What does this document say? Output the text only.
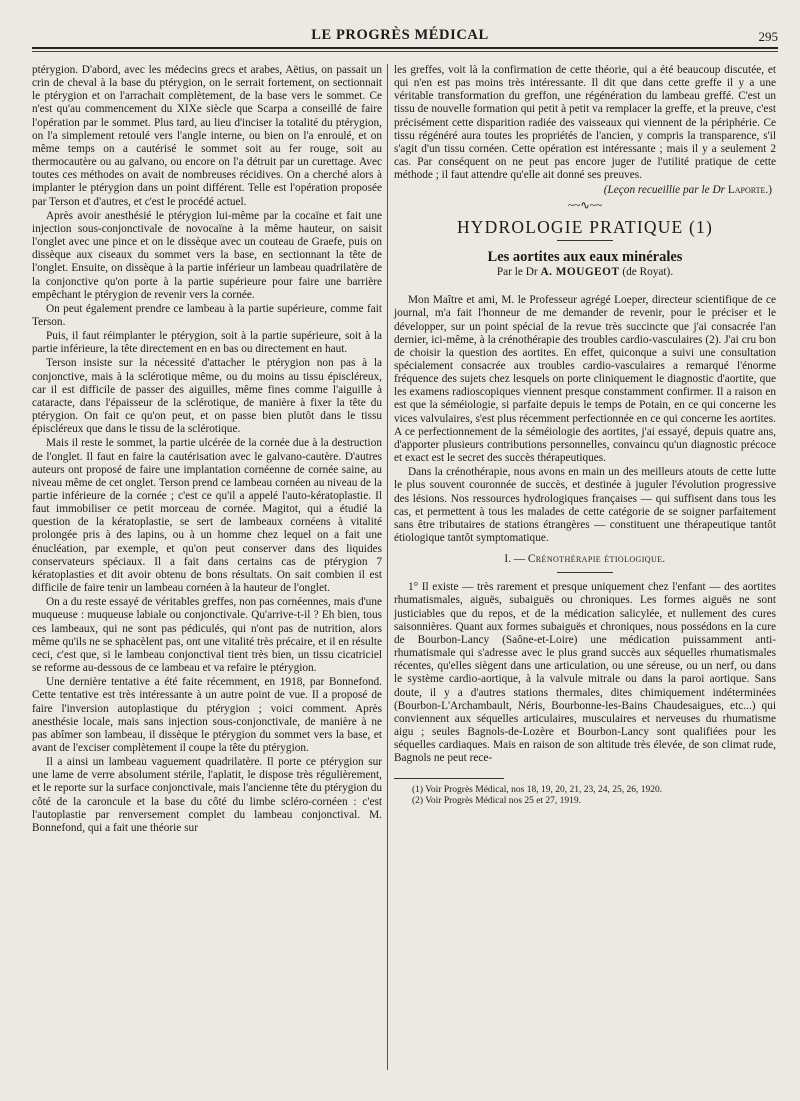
LE PROGRÈS MÉDICAL	295

ptérygion. D'abord, avec les médecins grecs et arabes, Aëtius, on passait un crin de cheval à la base du ptérygion, on le serrait fortement, on sectionnait le ptérygion et on l'arrachait complètement, de la base vers le sommet. Ce n'est qu'au commencement du XIXe siècle que Scarpa a conseillé de faire l'opération par le sommet. Plus tard, au lieu d'inciser la totalité du ptérygion, on l'a simplement retoulé vers l'angle interne, ou bien on l'a enroulé, et on même temps on a cautérisé le sommet soit au fer rouge, soit au thermocautère ou au galvano, ou encore on l'a détruit par un curettage. Avec toutes ces méthodes on avait de nombreuses récidives. On a cherché alors à implanter le ptérygion dans un point différent. Telle est l'opération proposée par Terson et d'autres, et c'est le procédé actuel.

Après avoir anesthésié le ptérygion lui-même par la cocaïne et fait une injection sous-conjonctivale de novocaïne à la même hauteur, on saisit l'onglet avec une pince et on le dissèque avec un couteau de Graefe, puis on dissèque aux ciseaux du sommet vers la base, en sectionnant la tête de l'onglet. Ensuite, on dissèque à la partie inférieur un lambeau quadrilatère de la conjonctive qu'on porte à la partie supérieure pour faire une barrière empêchant le ptérygion de revenir vers la cornée.

On peut également prendre ce lambeau à la partie supérieure, comme fait Terson.

Puis, il faut réimplanter le ptérygion, soit à la partie supérieure, soit à la partie inférieure, la tête directement en en bas ou directement en haut.

Terson insiste sur la nécessité d'attacher le ptérygion non pas à la conjonctive, mais à la sclérotique même, ou du moins au tissu épiscléreux, car il est difficile de passer des aiguilles, même fines comme l'aiguille à cataracte, dans l'épaisseur de la sclérotique, de manière à fixer la tête du ptérygion. On fait ce qu'on peut, et on passe bien plutôt dans le tissu épiscléreux que dans le tissu de la sclérotique.

Mais il reste le sommet, la partie ulcérée de la cornée due à la destruction de l'onglet. Il faut en faire la cautérisation avec le galvano-cautère. D'autres auteurs ont proposé de faire une implantation cornéenne de cornée saine, au niveau même de cet onglet. Terson prend ce lambeau cornéen au niveau de la partie inférieure de la cornée ; c'est ce qu'il a appelé l'auto-kératoplastie. Il faut immobiliser ce petit morceau de cornée. Magitot, qui a étudié la question de la kératoplastie, se sert de lambeaux cornéens à vitalité prolongée pris à des lapins, ou à un homme chez lequel on a fait une énucléation, par exemple, et qu'on peut conserver dans des liquides conservateurs spéciaux. Il a fait dans certains cas de ptérygion 7 kératoplasties et dit avoir obtenu de bons résultats. On sait combien il est difficile de faire tenir un lambeau cornéen à la hauteur de l'onglet.

On a du reste essayé de véritables greffes, non pas cornéennes, mais d'une muqueuse : muqueuse labiale ou conjonctivale. Qu'arrive-t-il ? Eh bien, tous ces lambeaux, qui ne sont pas pédiculés, qui n'ont pas de nutrition, alors même qu'ils ne se sphacèlent pas, ont une vitalité très précaire, et il en résulte ceci, c'est que, si le lambeau conjonctival tient très bien, un tissu cicatriciel se reforme au-dessous de ce lambeau et va refaire le ptérygion.

Une dernière tentative a été faite récemment, en 1918, par Bonnefond. Cette tentative est très intéressante à un autre point de vue. Il a proposé de faire l'inversion autoplastique du ptérygion ; voici comment. Après anesthésie locale, mais sans injection sous-conjonctivale, de manière à ne pas abîmer son lambeau, il dissèque le ptérygion du sommet vers la base, et avant de l'exciser complètement il coupe la tête du ptérygion.

Il a ainsi un lambeau vaguement quadrilatère. Il porte ce ptérygion sur une lame de verre absolument stérile, l'aplatit, le dispose très régulièrement, et le reporte sur la surface conjonctivale, mais l'ancienne tête du ptérygion du côté de la caroncule et la base du côté du limbe scléro-cornéen : c'est l'autoplastie par renversement complet du lambeau conjonctival. M. Bonnefond, qui a fait une théorie sur

les greffes, voit là la confirmation de cette théorie, qui a été beaucoup discutée, et qui n'en est pas moins très intéressante. Il dit que dans cette greffe il y a une véritable transformation du greffon, une régénération du lambeau greffé. C'est un tissu de nouvelle formation qui petit à petit va remplacer la greffe, et la preuve, c'est précisément cette disparition radiée des vaisseaux qui viennent de la périphérie. Ce tissu régénéré aura toutes les propriétés de l'ancien, y compris la transparence, s'il s'agit d'un tissu cornéen. Cette opération est intéressante ; mais il y a seulement 2 cas. Par conséquent on ne peut pas encore juger de l'utilité pratique de cette méthode ; il faut attendre qu'elle ait donné ses preuves.

(Leçon recueillie par le Dr Laporte.)
~~∿~~
HYDROLOGIE PRATIQUE (1)
Les aortites aux eaux minérales
Par le Dr A. MOUGEOT (de Royat).

Mon Maître et ami, M. le Professeur agrégé Loeper, directeur scientifique de ce journal, m'a fait l'honneur de me demander de revenir, pour le préciser et le développer, sur un point spécial de la revue très succincte que j'ai consacrée l'an dernier, ici-même, à la crénothérapie des troubles cardio-vasculaires (2). J'ai cru bon de choisir la question des aortites. En effet, quiconque a suivi une consultation spécialement consacrée aux troubles cardio-vasculaires a remarqué l'énorme fréquence des sujets chez lesquels on porte cliniquement le diagnostic d'aortite, que les examens radioscopiques viennent presque constamment confirmer. Il a raison en est que la séméiologie, si parfaite depuis le temps de Potain, en ce qui concerne les vices valvulaires, s'est plus récemment perfectionnée en ce qui concerne les aortites. A ce perfectionnement de la séméiologie des aortites, j'ai essayé, depuis quatre ans, d'apporter plusieurs contributions personnelles, convaincu qu'un diagnostic précoce et exact est le secret des succès thérapeutiques.

Dans la crénothérapie, nous avons en main un des meilleurs atouts de cette lutte le plus souvent couronnée de succès, et destinée à juguler l'évolution progressive des lésions. Nos ressources hydrologiques françaises — qui suffisent dans tous les cas, et permettent à tous les malades de cette catégorie de se soigner parfaitement sans être tributaires de stations étrangères — constituent une thérapeutique tantôt étiologique tantôt symptomatique.

I. — Crénothérapie étiologique.

1° Il existe — très rarement et presque uniquement chez l'enfant — des aortites rhumatismales, aiguës, subaiguës ou chroniques. Les formes aiguës ne sont justiciables que du repos, et de la médication salicylée, et nullement des cures saisonnières. Quant aux formes subaiguës et chroniques, nous possédons en la cure de Bourbon-Lancy (Saône-et-Loire) une médication puissamment anti-rhumatismale qui s'adresse avec le plus grand succès aux séquelles rhumatismales récentes, qu'elles siègent dans une articulation, ou une séreuse, ou un nerf, ou dans le système cardio-aortique, à la valvule mitrale ou dans la paroi aortique. Sans doute, il y a d'autres stations thermales, dites chimiquement indéterminées (Bourbon-L'Archambault, Néris, Bourbonne-les-Bains Chaudesaigues, etc...) qui conviennent aux séquelles articulaires, musculaires et nerveuses du rhumatisme aigu ; seules Bagnols-de-Lozère et Bourbon-Lancy sont qualifiées pour les séquelles cardiaques. Mais en raison de son altitude très élevée, de son climat rude, Bagnols ne peut rece-

(1) Voir Progrès Médical, nos 18, 19, 20, 21, 23, 24, 25, 26, 1920.

(2) Voir Progrès Médical nos 25 et 27, 1919.
